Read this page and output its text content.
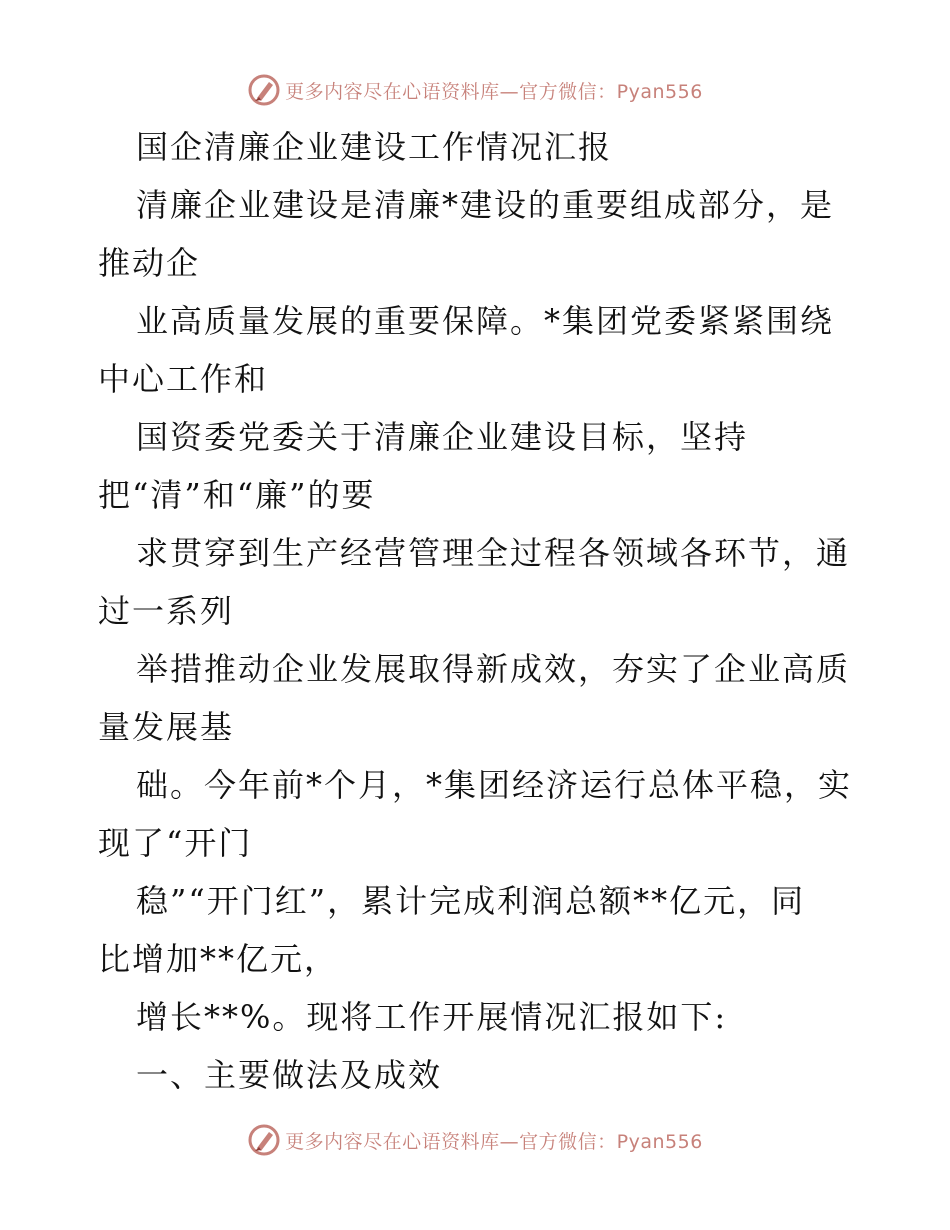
更多内容尽在心语资料库—官方微信：Pyan556
国企清廉企业建设工作情况汇报
清廉企业建设是清廉*建设的重要组成部分，是
推动企
业高质量发展的重要保障。*集团党委紧紧围绕
中心工作和
国资委党委关于清廉企业建设目标，坚持
把“清”和“廉”的要
求贯穿到生产经营管理全过程各领域各环节，通
过一系列
举措推动企业发展取得新成效，夯实了企业高质
量发展基
础。今年前*个月，*集团经济运行总体平稳，实
现了“开门
稳”“开门红”，累计完成利润总额**亿元，同
比增加**亿元，
增长**%。现将工作开展情况汇报如下:
一、主要做法及成效
更多内容尽在心语资料库—官方微信：Pyan556
